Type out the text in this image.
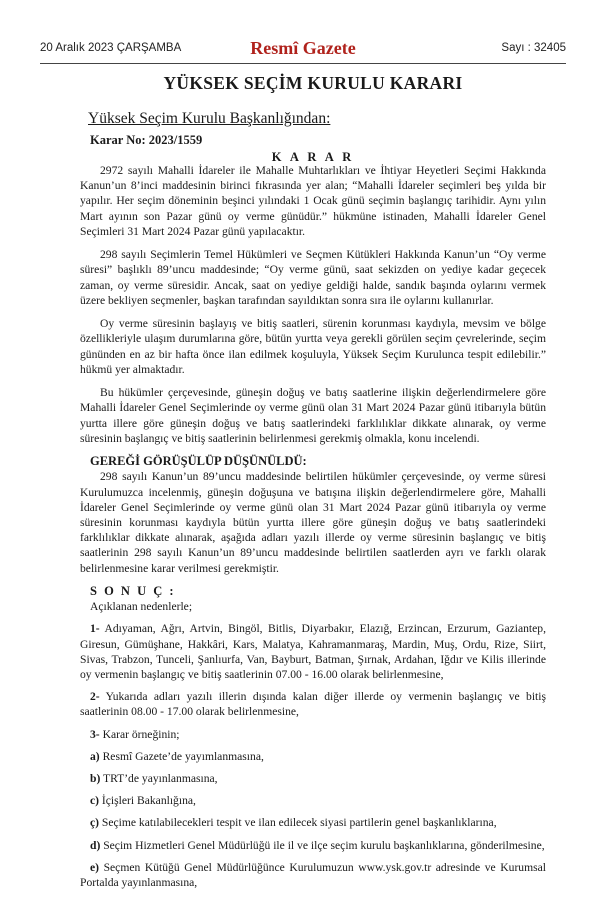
20 Aralık 2023 ÇARŞAMBA	Resmî Gazete	Sayı : 32405
YÜKSEK SEÇİM KURULU KARARI
Yüksek Seçim Kurulu Başkanlığından:
Karar No: 2023/1559
K A R A R

2972 sayılı Mahalli İdareler ile Mahalle Muhtarlıkları ve İhtiyar Heyetleri Seçimi Hakkında Kanun’un 8’inci maddesinin birinci fıkrasında yer alan; “Mahalli İdareler seçimleri beş yılda bir yapılır. Her seçim döneminin beşinci yılındaki 1 Ocak günü seçimin başlangıç tarihidir. Aynı yılın Mart ayının son Pazar günü oy verme günüdür.” hükmüne istinaden, Mahalli İdareler Genel Seçimleri 31 Mart 2024 Pazar günü yapılacaktır.

298 sayılı Seçimlerin Temel Hükümleri ve Seçmen Kütükleri Hakkında Kanun’un “Oy verme süresi” başlıklı 89’uncu maddesinde; “Oy verme günü, saat sekizden on yediye kadar geçecek zaman, oy verme süresidir. Ancak, saat on yediye geldiği halde, sandık başında oylarını vermek üzere bekliyen seçmenler, başkan tarafından sayıldıktan sonra sıra ile oylarını kullanırlar.

Oy verme süresinin başlayış ve bitiş saatleri, sürenin korunması kaydıyla, mevsim ve bölge özellikleriyle ulaşım durumlarına göre, bütün yurtta veya gerekli görülen seçim çevrelerinde, seçim gününden en az bir hafta önce ilan edilmek koşuluyla, Yüksek Seçim Kurulunca tespit edilebilir.” hükmü yer almaktadır.

Bu hükümler çerçevesinde, güneşin doğuş ve batış saatlerine ilişkin değerlendirmelere göre Mahalli İdareler Genel Seçimlerinde oy verme günü olan 31 Mart 2024 Pazar günü itibarıyla bütün yurtta illere göre güneşin doğuş ve batış saatlerindeki farklılıklar dikkate alınarak, oy verme süresinin başlangıç ve bitiş saatlerinin belirlenmesi gerekmiş olmakla, konu incelendi.

GEREĞİ GÖRÜŞÜLÜP DÜŞÜNÜLDÜ:

298 sayılı Kanun’un 89’uncu maddesinde belirtilen hükümler çerçevesinde, oy verme süresi Kurulumuzca incelenmiş, güneşin doğuşuna ve batışına ilişkin değerlendirmelere göre, Mahalli İdareler Genel Seçimlerinde oy verme günü olan 31 Mart 2024 Pazar günü itibarıyla oy verme süresinin korunması kaydıyla bütün yurtta illere göre güneşin doğuş ve batış saatlerindeki farklılıklar dikkate alınarak, aşağıda adları yazılı illerde oy verme süresinin başlangıç ve bitiş saatlerinin 298 sayılı Kanun’un 89’uncu maddesinde belirtilen saatlerden ayrı ve farklı olarak belirlenmesine karar verilmesi gerekmiştir.

S O N U Ç :

Açıklanan nedenlerle;

1- Adıyaman, Ağrı, Artvin, Bingöl, Bitlis, Diyarbakır, Elazığ, Erzincan, Erzurum, Gaziantep, Giresun, Gümüşhane, Hakkâri, Kars, Malatya, Kahramanmaraş, Mardin, Muş, Ordu, Rize, Siirt, Sivas, Trabzon, Tunceli, Şanlıurfa, Van, Bayburt, Batman, Şırnak, Ardahan, Iğdır ve Kilis illerinde oy vermenin başlangıç ve bitiş saatlerinin 07.00 - 16.00 olarak belirlenmesine,

2- Yukarıda adları yazılı illerin dışında kalan diğer illerde oy vermenin başlangıç ve bitiş saatlerinin 08.00 - 17.00 olarak belirlenmesine,

3- Karar örneğinin;

a) Resmî Gazete’de yayımlanmasına,

b) TRT’de yayınlanmasına,

c) İçişleri Bakanlığına,

ç) Seçime katılabilecekleri tespit ve ilan edilecek siyasi partilerin genel başkanlıklarına,

d) Seçim Hizmetleri Genel Müdürlüğü ile il ve ilçe seçim kurulu başkanlıklarına, gönderilmesine,

e) Seçmen Kütüğü Genel Müdürlüğünce Kurulumuzun www.ysk.gov.tr adresinde ve Kurumsal Portalda yayınlanmasına,
